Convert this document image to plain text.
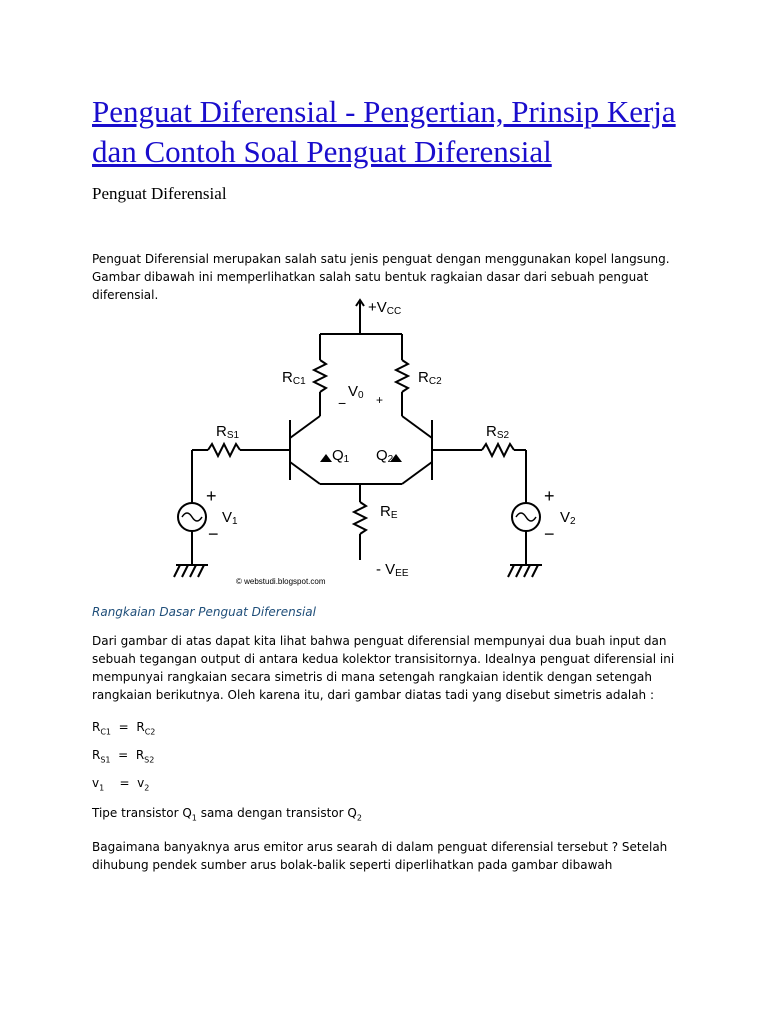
Penguat Diferensial - Pengertian, Prinsip Kerja dan Contoh Soal Penguat Diferensial
Penguat Diferensial

Penguat Diferensial merupakan salah satu jenis penguat dengan menggunakan kopel langsung. Gambar dibawah ini memperlihatkan salah satu bentuk ragkaian dasar dari sebuah penguat diferensial.

+VCC
RC1	RC2
V0
− +
RS1	RS2
Q1 Q2
RE
+
−
V1
+
−
V2
- VEE
© webstudi.blogspot.com

Rangkaian Dasar Penguat Diferensial

Dari gambar di atas dapat kita lihat bahwa penguat diferensial mempunyai dua buah input dan sebuah tegangan output di antara kedua kolektor transisitornya. Idealnya penguat diferensial ini mempunyai rangkaian secara simetris di mana setengah rangkaian identik dengan setengah rangkaian berikutnya. Oleh karena itu, dari gambar diatas tadi yang disebut simetris adalah :

$R_{C1} = R_{C2}$
$R_{S1} = R_{S2}$
$v_1$    =  $v_2$
Tipe transistor $Q_1$ sama dengan transistor $Q_2$

Bagaimana banyaknya arus emitor arus searah di dalam penguat diferensial tersebut ? Setelah dihubung pendek sumber arus bolak-balik seperti diperlihatkan pada gambar dibawah
